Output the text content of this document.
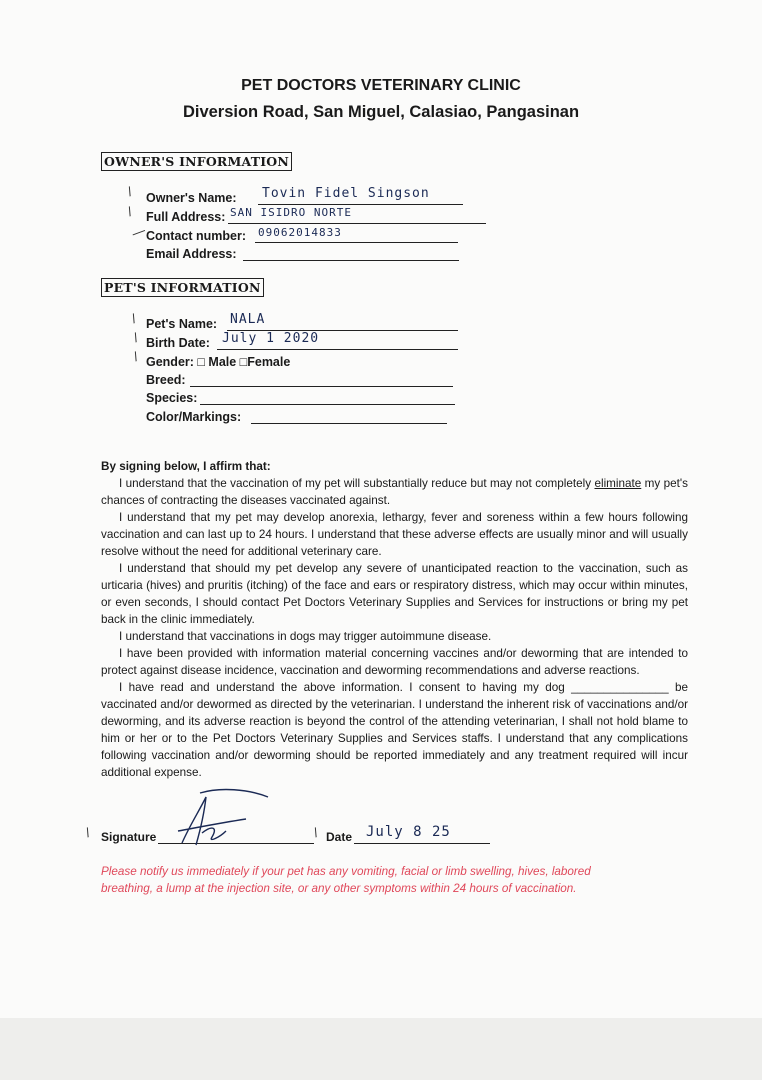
PET DOCTORS VETERINARY CLINIC
Diversion Road, San Miguel, Calasiao, Pangasinan
OWNER'S INFORMATION
/ Owner's Name: Tovin Fidel Singson
/ Full Address: SAN ISIDRO NORTE
—
Contact number: 09062014833
Email Address:
PET'S INFORMATION
/ Pet's Name: NALA
/ Birth Date: July 1 2020
/ Gender: □ Male □Female
Breed:
Species:
Color/Markings:
By signing below, I affirm that:

I understand that the vaccination of my pet will substantially reduce but may not completely eliminate my pet's chances of contracting the diseases vaccinated against.

I understand that my pet may develop anorexia, lethargy, fever and soreness within a few hours following vaccination and can last up to 24 hours. I understand that these adverse effects are usually minor and will usually resolve without the need for additional veterinary care.

I understand that should my pet develop any severe of unanticipated reaction to the vaccination, such as urticaria (hives) and pruritis (itching) of the face and ears or respiratory distress, which may occur within minutes, or even seconds, I should contact Pet Doctors Veterinary Supplies and Services for instructions or bring my pet back in the clinic immediately.

I understand that vaccinations in dogs may trigger autoimmune disease.

I have been provided with information material concerning vaccines and/or deworming that are intended to protect against disease incidence, vaccination and deworming recommendations and adverse reactions.

I have read and understand the above information. I consent to having my dog _______________ be vaccinated and/or dewormed as directed by the veterinarian. I understand the inherent risk of vaccinations and/or deworming, and its adverse reaction is beyond the control of the attending veterinarian, I shall not hold blame to him or her or to the Pet Doctors Veterinary Supplies and Services staffs. I understand that any complications following vaccination and/or deworming should be reported immediately and any treatment required will incur additional expense.

/ Signature	/ Date July 8 25
Please notify us immediately if your pet has any vomiting, facial or limb swelling, hives, labored breathing, a lump at the injection site, or any other symptoms within 24 hours of vaccination.
